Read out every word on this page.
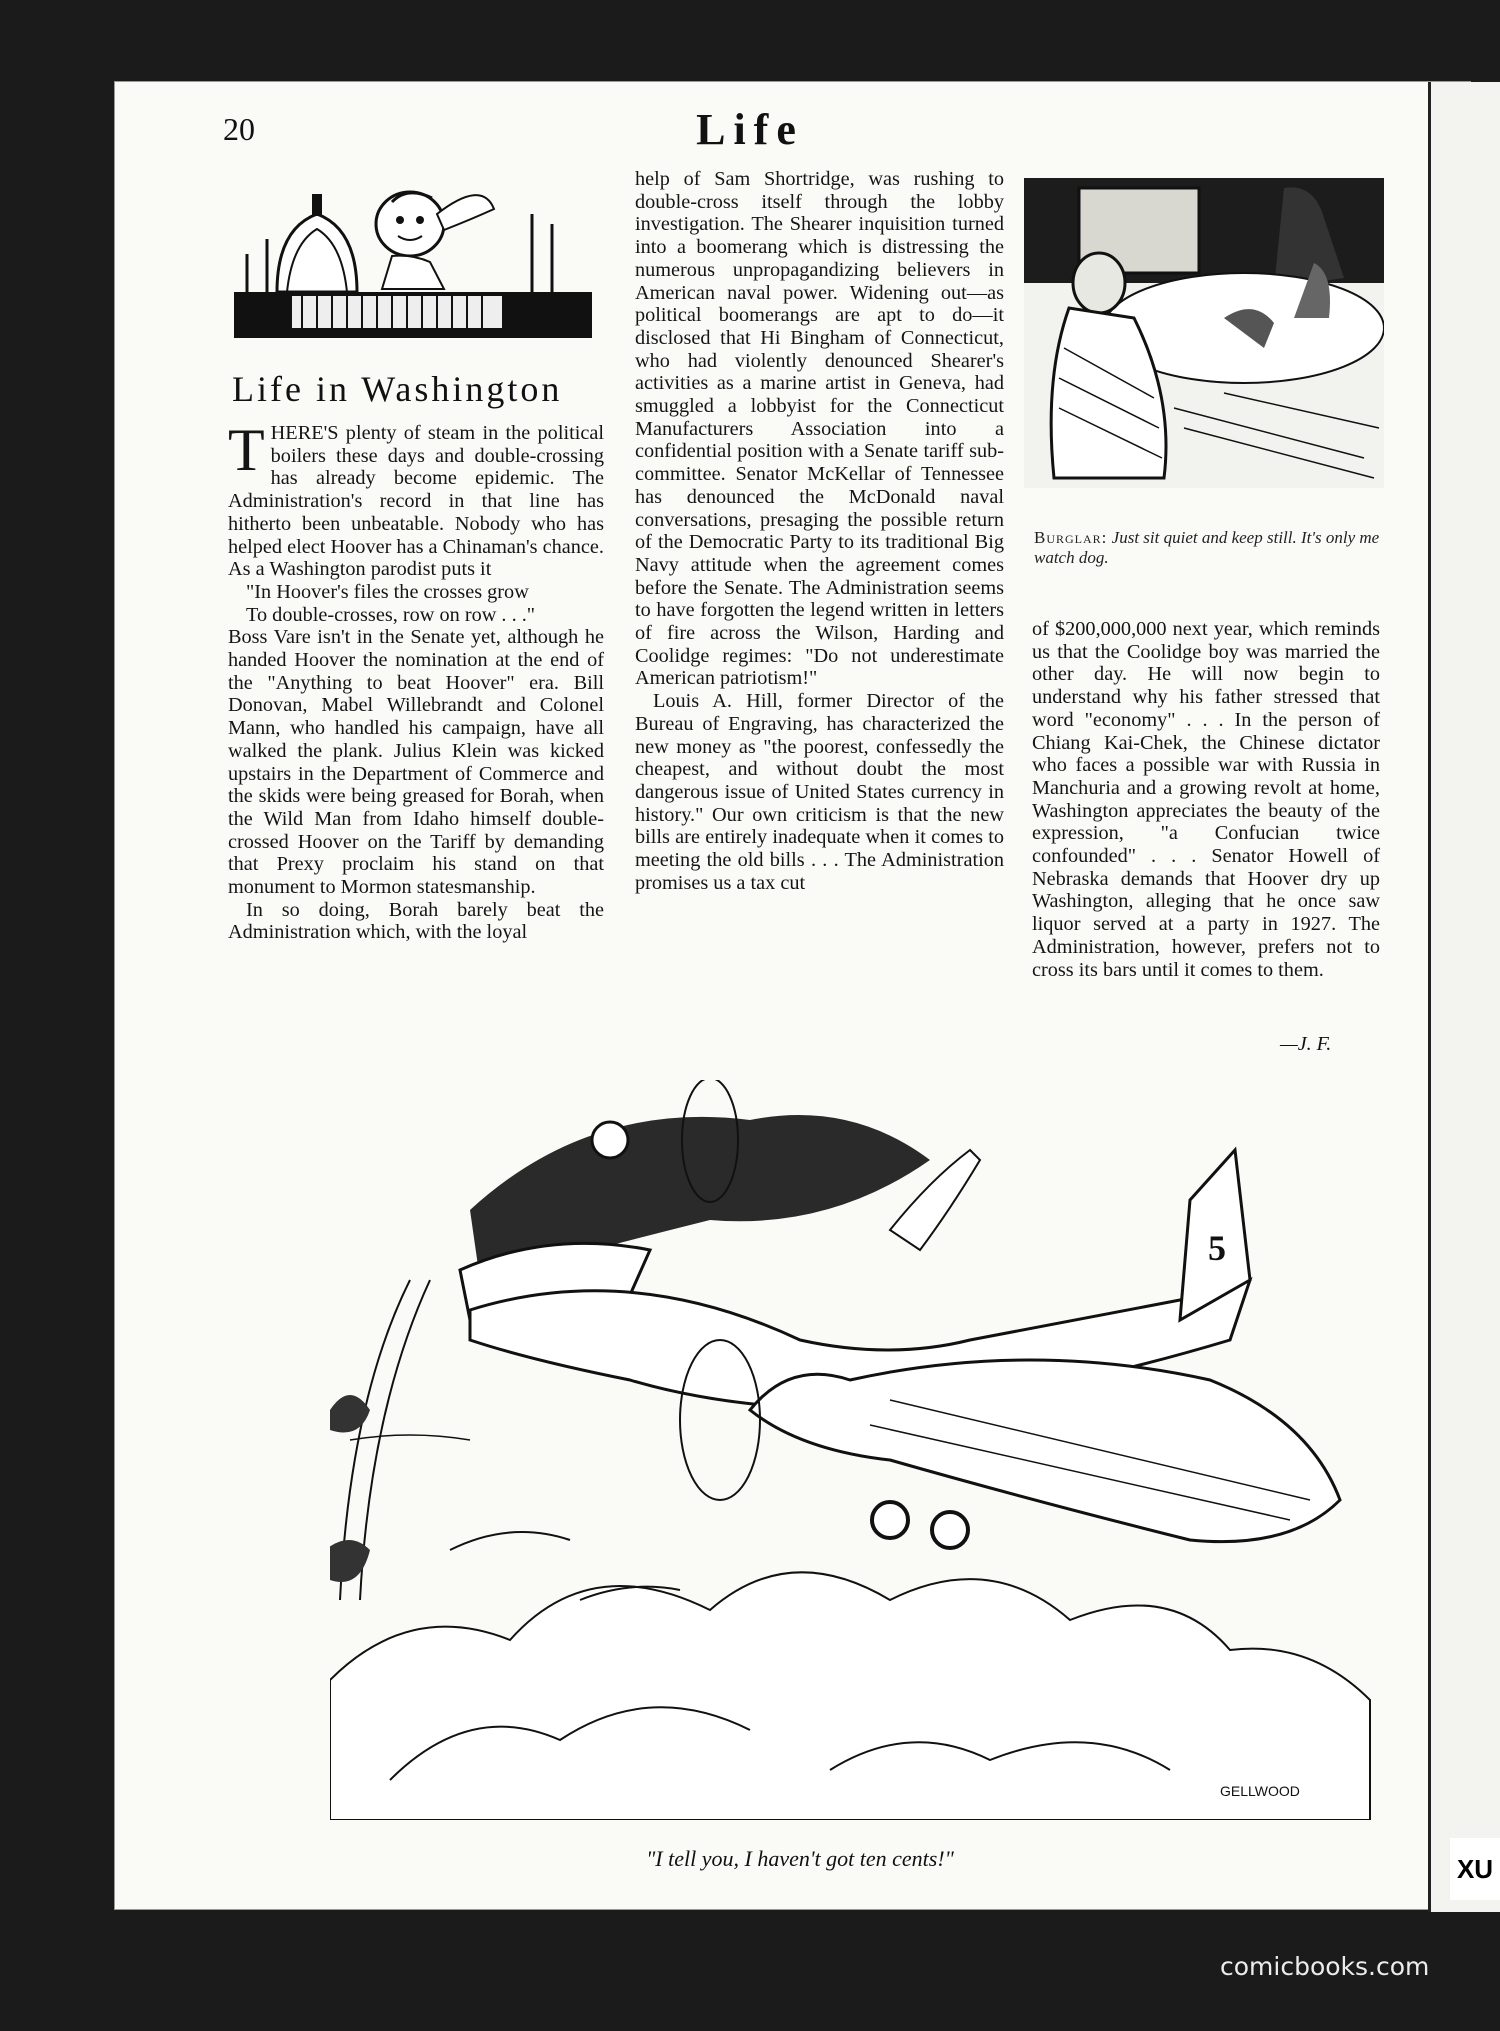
XU
20	Life
Life in Washington

THERE'S plenty of steam in the political boilers these days and double-crossing has already become epidemic. The Administration's record in that line has hitherto been unbeatable. Nobody who has helped elect Hoover has a Chinaman's chance. As a Washington parodist puts it

"In Hoover's files the crosses grow

To double-crosses, row on row . . ."

Boss Vare isn't in the Senate yet, although he handed Hoover the nomination at the end of the "Anything to beat Hoover" era. Bill Donovan, Mabel Willebrandt and Colonel Mann, who handled his campaign, have all walked the plank. Julius Klein was kicked upstairs in the Department of Commerce and the skids were being greased for Borah, when the Wild Man from Idaho himself double-crossed Hoover on the Tariff by demanding that Prexy proclaim his stand on that monument to Mormon statesmanship.

In so doing, Borah barely beat the Administration which, with the loyal

help of Sam Shortridge, was rushing to double-cross itself through the lobby investigation. The Shearer inquisition turned into a boomerang which is distressing the numerous unpropagandizing believers in American naval power. Widening out—as political boomerangs are apt to do—it disclosed that Hi Bingham of Connecticut, who had violently denounced Shearer's activities as a marine artist in Geneva, had smuggled a lobbyist for the Connecticut Manufacturers Association into a confidential position with a Senate tariff sub-committee. Senator McKellar of Tennessee has denounced the McDonald naval conversations, presaging the possible return of the Democratic Party to its traditional Big Navy attitude when the agreement comes before the Senate. The Administration seems to have forgotten the legend written in letters of fire across the Wilson, Harding and Coolidge regimes: "Do not underestimate American patriotism!"

Louis A. Hill, former Director of the Bureau of Engraving, has characterized the new money as "the poorest, confessedly the cheapest, and without doubt the most dangerous issue of United States currency in history." Our own criticism is that the new bills are entirely inadequate when it comes to meeting the old bills . . . The Administration promises us a tax cut

Burglar: Just sit quiet and keep still. It's only me watch dog.

of $200,000,000 next year, which reminds us that the Coolidge boy was married the other day. He will now begin to understand why his father stressed that word "economy" . . . In the person of Chiang Kai-Chek, the Chinese dictator who faces a possible war with Russia in Manchuria and a growing revolt at home, Washington appreciates the beauty of the expression, "a Confucian twice confounded" . . . Senator Howell of Nebraska demands that Hoover dry up Washington, alleging that he once saw liquor served at a party in 1927. The Administration, however, prefers not to cross its bars until it comes to them.

—J. F.
5
GELLWOOD
"I tell you, I haven't got ten cents!"
comicbooks.com
